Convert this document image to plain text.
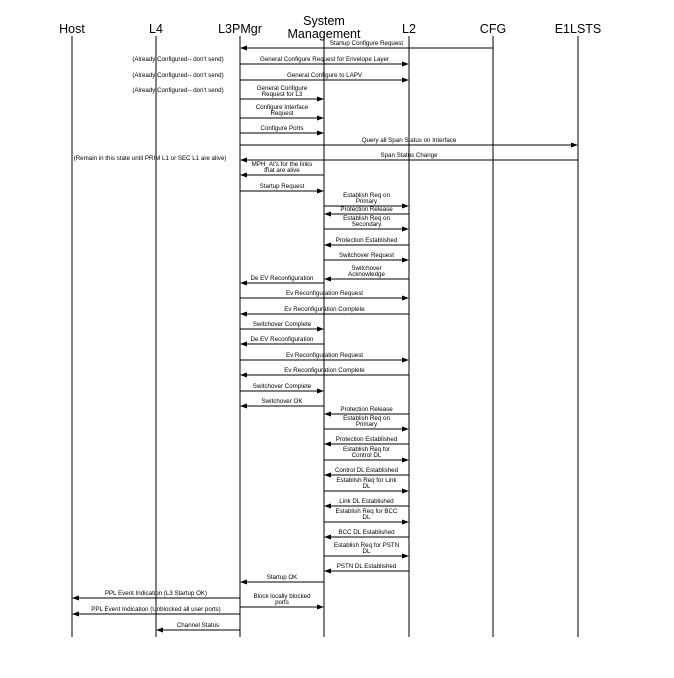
Host	L4	L3PMgr
System Management	L2	CFG	E1LSTS
Startup Configure Request
General Configure Request for Envelope Layer
(Already Configured-- don't send)
General Configure to LAPV
(Already Configured-- don't send)
General Configure Request for L3
(Already Configured-- don't send)
Configure Interface Request
Configure Ports
Query all Span Status on Interface
Span Status Change
(Remain in this state until PRIM L1 or SEC L1 are alive)
MPH_AI's for the links that are alive
Startup Request
Establish Req on Primary
Protection Release
Establish Req on Secondary
Protection Established
Switchover Request
Switchover Acknowledge
De EV Reconfiguration
Ev Reconfiguration Request
Ev Reconfiguration Complete
Switchover Complete
De EV Reconfiguration
Ev Reconfiguration Request
Ev Reconfiguration Complete
Switchover Complete
Switchover OK
Protection Release
Establish Req on Primary
Protection Established
Establish Req for Control DL
Control DL Established
Establish Req for Link DL
Link DL Established
Establish Req for BCC DL
BCC DL Established
Establish Req for PSTN DL
PSTN DL Established
Startup OK
PPL Event Indication (L3 Startup OK)	Block locally blocked ports
PPL Event Indication (Unblocked all user ports)
Channel Status
